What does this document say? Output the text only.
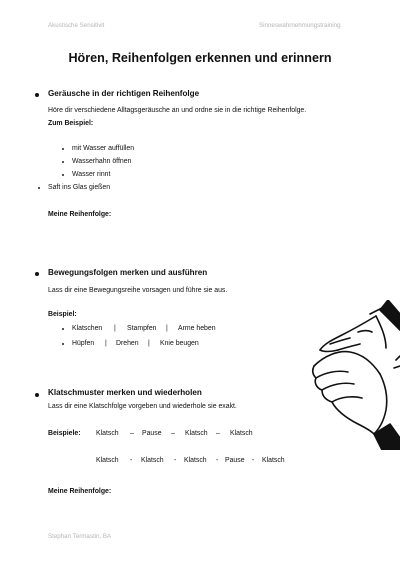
Akustische Sensitivit	Sinneswahrnehmungstraining
Hören, Reihenfolgen erkennen und erinnern
Geräusche in der richtigen Reihenfolge
Höre dir verschiedene Alltagsgeräusche an und ordne sie in die richtige Reihenfolge.
Zum Beispiel:
mit Wasser auffüllen
Wasserhahn öffnen
Wasser rinnt
Saft ins Glas gießen
Meine Reihenfolge:
Bewegungsfolgen merken und ausführen
Lass dir eine Bewegungsreihe vorsagen und führe sie aus.
Beispiel:
Klatschen | Stampfen | Arme heben
Hüpfen | Drehen | Knie beugen
Klatschmuster merken und wiederholen
Lass dir eine Klatschfolge vorgeben und wiederhole sie exakt.
Beispiele: Klatsch – Pause – Klatsch – Klatsch
Klatsch - Klatsch - Klatsch - Pause - Klatsch
Meine Reihenfolge:
Stephan Termastin, BA
